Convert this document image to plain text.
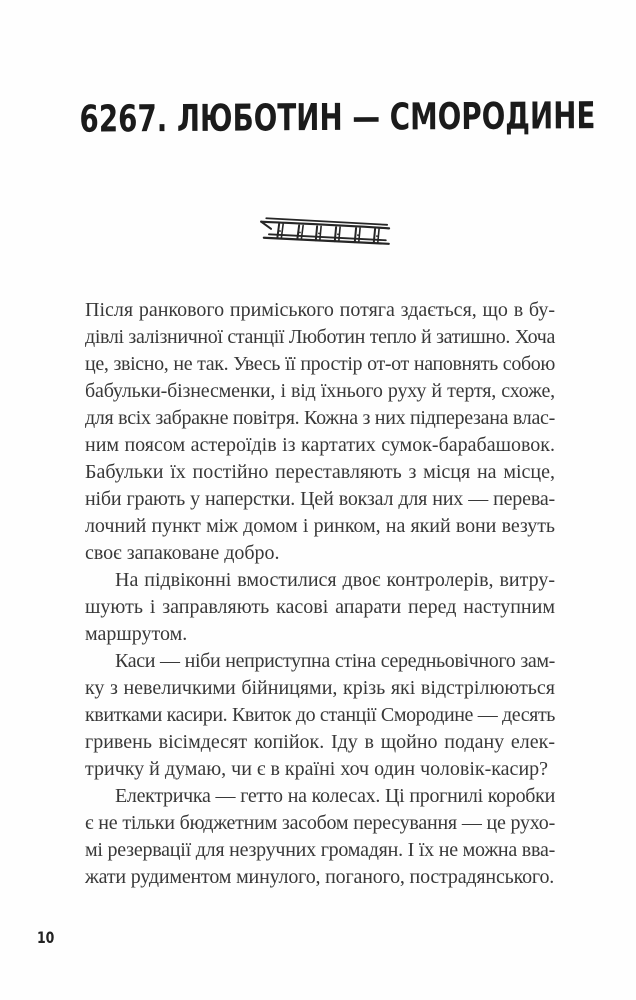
6267. ЛЮБОТИН — СМОРОДИНЕ
Після ранкового приміського потяга здається, що в бу-
дівлі залізничної станції Люботин тепло й затишно. Хоча
це, звісно, не так. Увесь її простір от-от наповнять собою
бабульки-бізнесменки, і від їхнього руху й тертя, схоже,
для всіх забракне повітря. Кожна з них підперезана влас-
ним поясом астероїдів із картатих сумок-барабашовок.
Бабульки їх постійно переставляють з місця на місце,
ніби грають у наперстки. Цей вокзал для них — перева-
лочний пункт між домом і ринком, на який вони везуть
своє запаковане добро.
На підвіконні вмостилися двоє контролерів, витру-
шують і заправляють касові апарати перед наступним
маршрутом.
Каси — ніби неприступна стіна середньовічного зам-
ку з невеличкими бійницями, крізь які відстрілюються
квитками касири. Квиток до станції Смородине — десять
гривень вісімдесят копійок. Іду в щойно подану елек-
тричку й думаю, чи є в країні хоч один чоловік-касир?
Електричка — гетто на колесах. Ці прогнилі коробки
є не тільки бюджетним засобом пересування — це рухо-
мі резервації для незручних громадян. І їх не можна вва-
жати рудиментом минулого, поганого, пострадянського.
10
